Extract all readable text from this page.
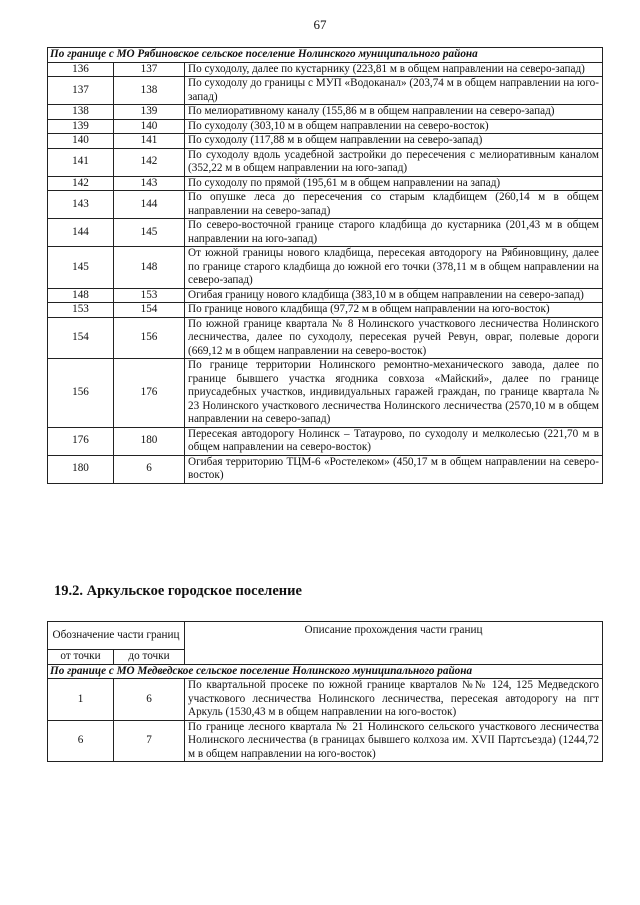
67
По границе с МО Рябиновское сельское поселение Нолинского муниципального района		
136	137	По суходолу, далее по кустарнику (223,81 м в общем направлении на северо-запад)
137	138	По суходолу до границы с МУП «Водоканал» (203,74 м в общем направлении на юго-запад)
138	139	По мелиоративному каналу (155,86 м в общем направлении на северо-запад)
139	140	По суходолу (303,10 м в общем направлении на северо-восток)
140	141	По суходолу (117,88 м в общем направлении на северо-запад)
141	142	По суходолу вдоль усадебной застройки до пересечения с мелиоративным каналом (352,22 м в общем направлении на юго-запад)
142	143	По суходолу по прямой (195,61 м в общем направлении на запад)
143	144	По опушке леса до пересечения со старым кладбищем (260,14 м в общем направлении на северо-запад)
144	145	По северо-восточной границе старого кладбища до кустарника (201,43 м в общем направлении на юго-запад)
145	148	От южной границы нового кладбища, пересекая автодорогу на Рябиновщину, далее по границе старого кладбища до южной его точки (378,11 м в общем направлении на северо-запад)
148	153	Огибая границу нового кладбища (383,10 м в общем направлении на северо-запад)
153	154	По границе нового кладбища (97,72 м в общем направлении на юго-восток)
154	156	По южной границе квартала № 8 Нолинского участкового лесничества Нолинского лесничества, далее по суходолу, пересекая ручей Ревун, овраг, полевые дороги (669,12 м в общем направлении на северо-восток)
156	176	По границе территории Нолинского ремонтно-механического завода, далее по границе бывшего участка ягодника совхоза «Майский», далее по границе приусадебных участков, индивидуальных гаражей граждан, по границе квартала № 23 Нолинского участкового лесничества Нолинского лесничества (2570,10 м в общем направлении на северо-запад)
176	180	Пересекая автодорогу Нолинск – Татаурово, по суходолу и мелколесью (221,70 м в общем направлении на северо-восток)
180	6	Огибая территорию ТЦМ-6 «Ростелеком» (450,17 м в общем направлении на северо-восток)
19.2. Аркульское городское поселение
Обозначение части границ		Описание прохождения части границ
от точки	до точки	
По границе с МО Медведское сельское поселение Нолинского муниципального района		
1	6	По квартальной просеке по южной границе кварталов №№ 124, 125 Медведского участкового лесничества Нолинского лесничества, пересекая автодорогу на пгт Аркуль (1530,43 м в общем направлении на юго-восток)
6	7	По границе лесного квартала № 21 Нолинского сельского участкового лесничества Нолинского лесничества (в границах бывшего колхоза им. XVII Партсъезда) (1244,72 м в общем направлении на юго-восток)
